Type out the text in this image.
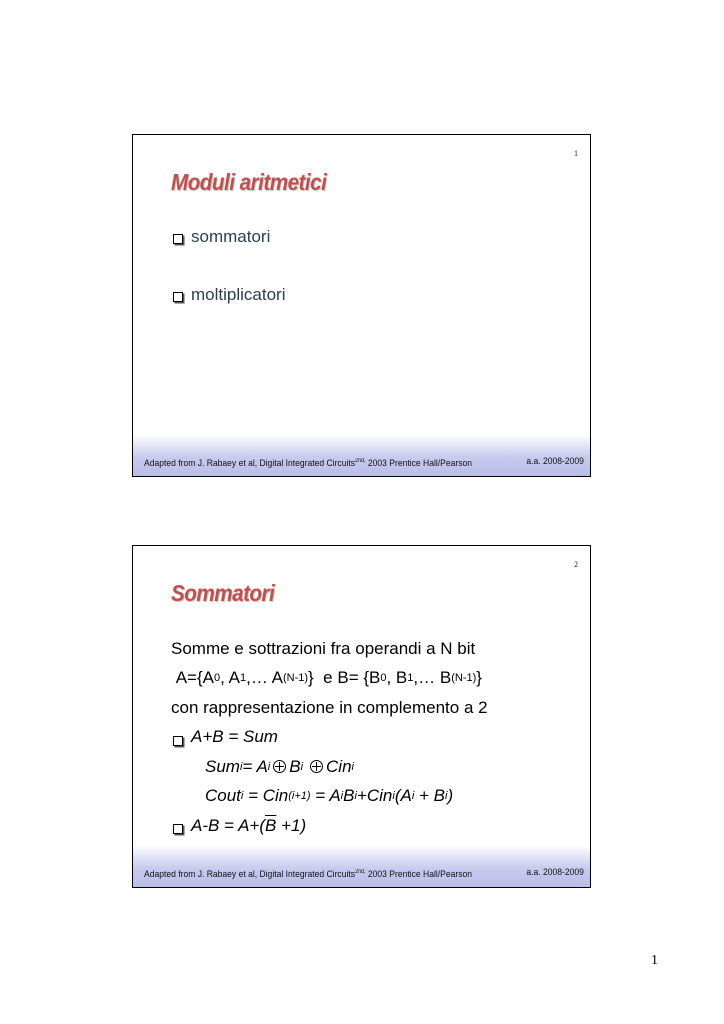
1
Moduli aritmetici
sommatori
moltiplicatori
Adapted from J. Rabaey et al, Digital Integrated Circuits$^{2nd,}$ 2003 Prentice Hall/Pearson	a.a. 2008-2009
2
Sommatori
Somme e sottrazioni fra operandi a N bit
A={A 0 , A 1 ,… A (N-1) }  e B= {B 0 , B 1 ,… B (N-1) }
con rappresentazione in complemento a 2
A+B = Sum
Sum i = A i B i Cin i
Cout i = Cin (i+1) = A i B i +Cin i (A i + B i )
$A-B = A+(\overline{B} +1)$
Adapted from J. Rabaey et al, Digital Integrated Circuits$^{2nd,}$ 2003 Prentice Hall/Pearson	a.a. 2008-2009
1
